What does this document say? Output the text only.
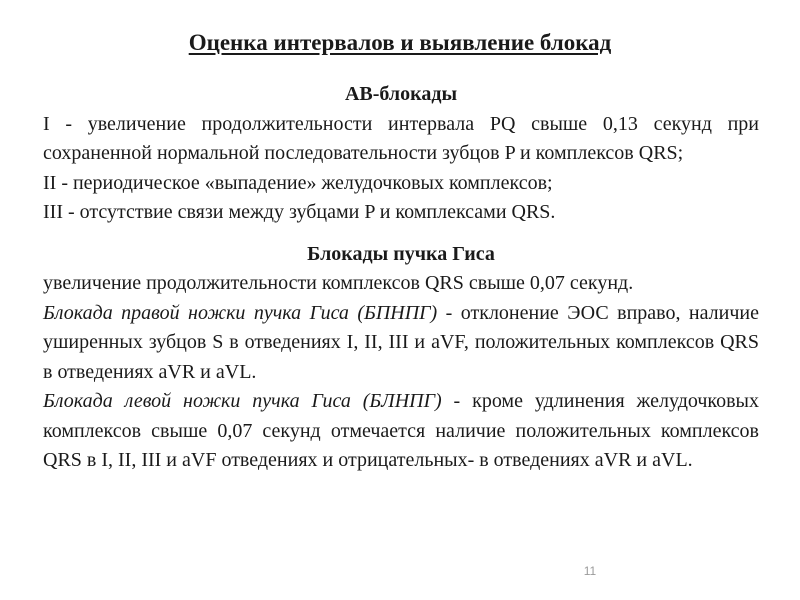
Оценка интервалов и выявление блокад

АВ-блокады

I - увеличение продолжительности интервала PQ свыше 0,13 секунд при сохраненной нормальной последовательности зубцов P и комплексов QRS;

II - периодическое «выпадение» желудочковых комплексов;

III - отсутствие связи между зубцами P и комплексами QRS.

Блокады пучка Гиса

увеличение продолжительности комплексов QRS свыше 0,07 секунд.

Блокада правой ножки пучка Гиса (БПНПГ) - отклонение ЭОС вправо, наличие уширенных зубцов S в отведениях I, II, III и aVF, положительных комплексов QRS в отведениях aVR и aVL.

Блокада левой ножки пучка Гиса (БЛНПГ) - кроме удлинения желудочковых комплексов свыше 0,07 секунд отмечается наличие положительных комплексов QRS в I, II, III и aVF отведениях и отрицательных- в отведениях aVR и aVL.

11
